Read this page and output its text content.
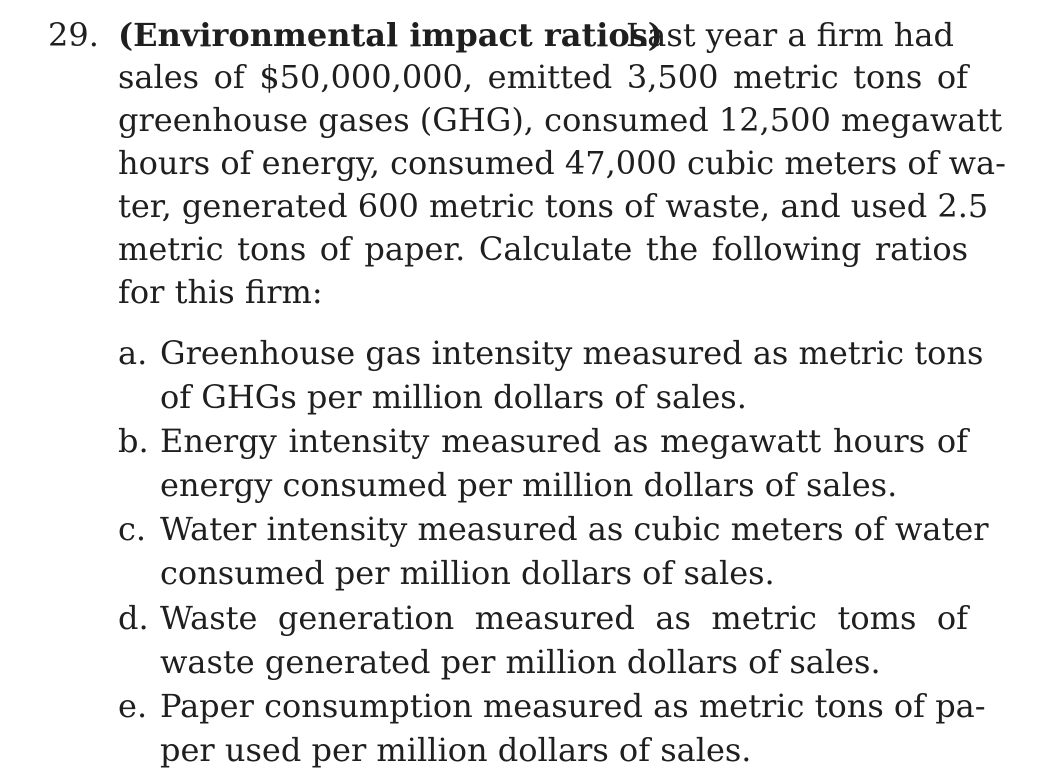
29. (Environmental impact ratios)
Last year a firm had
sales of $50,000,000, emitted 3,500 metric tons of
greenhouse gases (GHG), consumed 12,500 megawatt
hours of energy, consumed 47,000 cubic meters of wa-
ter, generated 600 metric tons of waste, and used 2.5
metric tons of paper. Calculate the following ratios
for this firm:
a. Greenhouse gas intensity measured as metric tons
of GHGs per million dollars of sales.
b. Energy intensity measured as megawatt hours of
energy consumed per million dollars of sales.
c. Water intensity measured as cubic meters of water
consumed per million dollars of sales.
d. Waste generation measured as metric toms of
waste generated per million dollars of sales.
e. Paper consumption measured as metric tons of pa-
per used per million dollars of sales.
